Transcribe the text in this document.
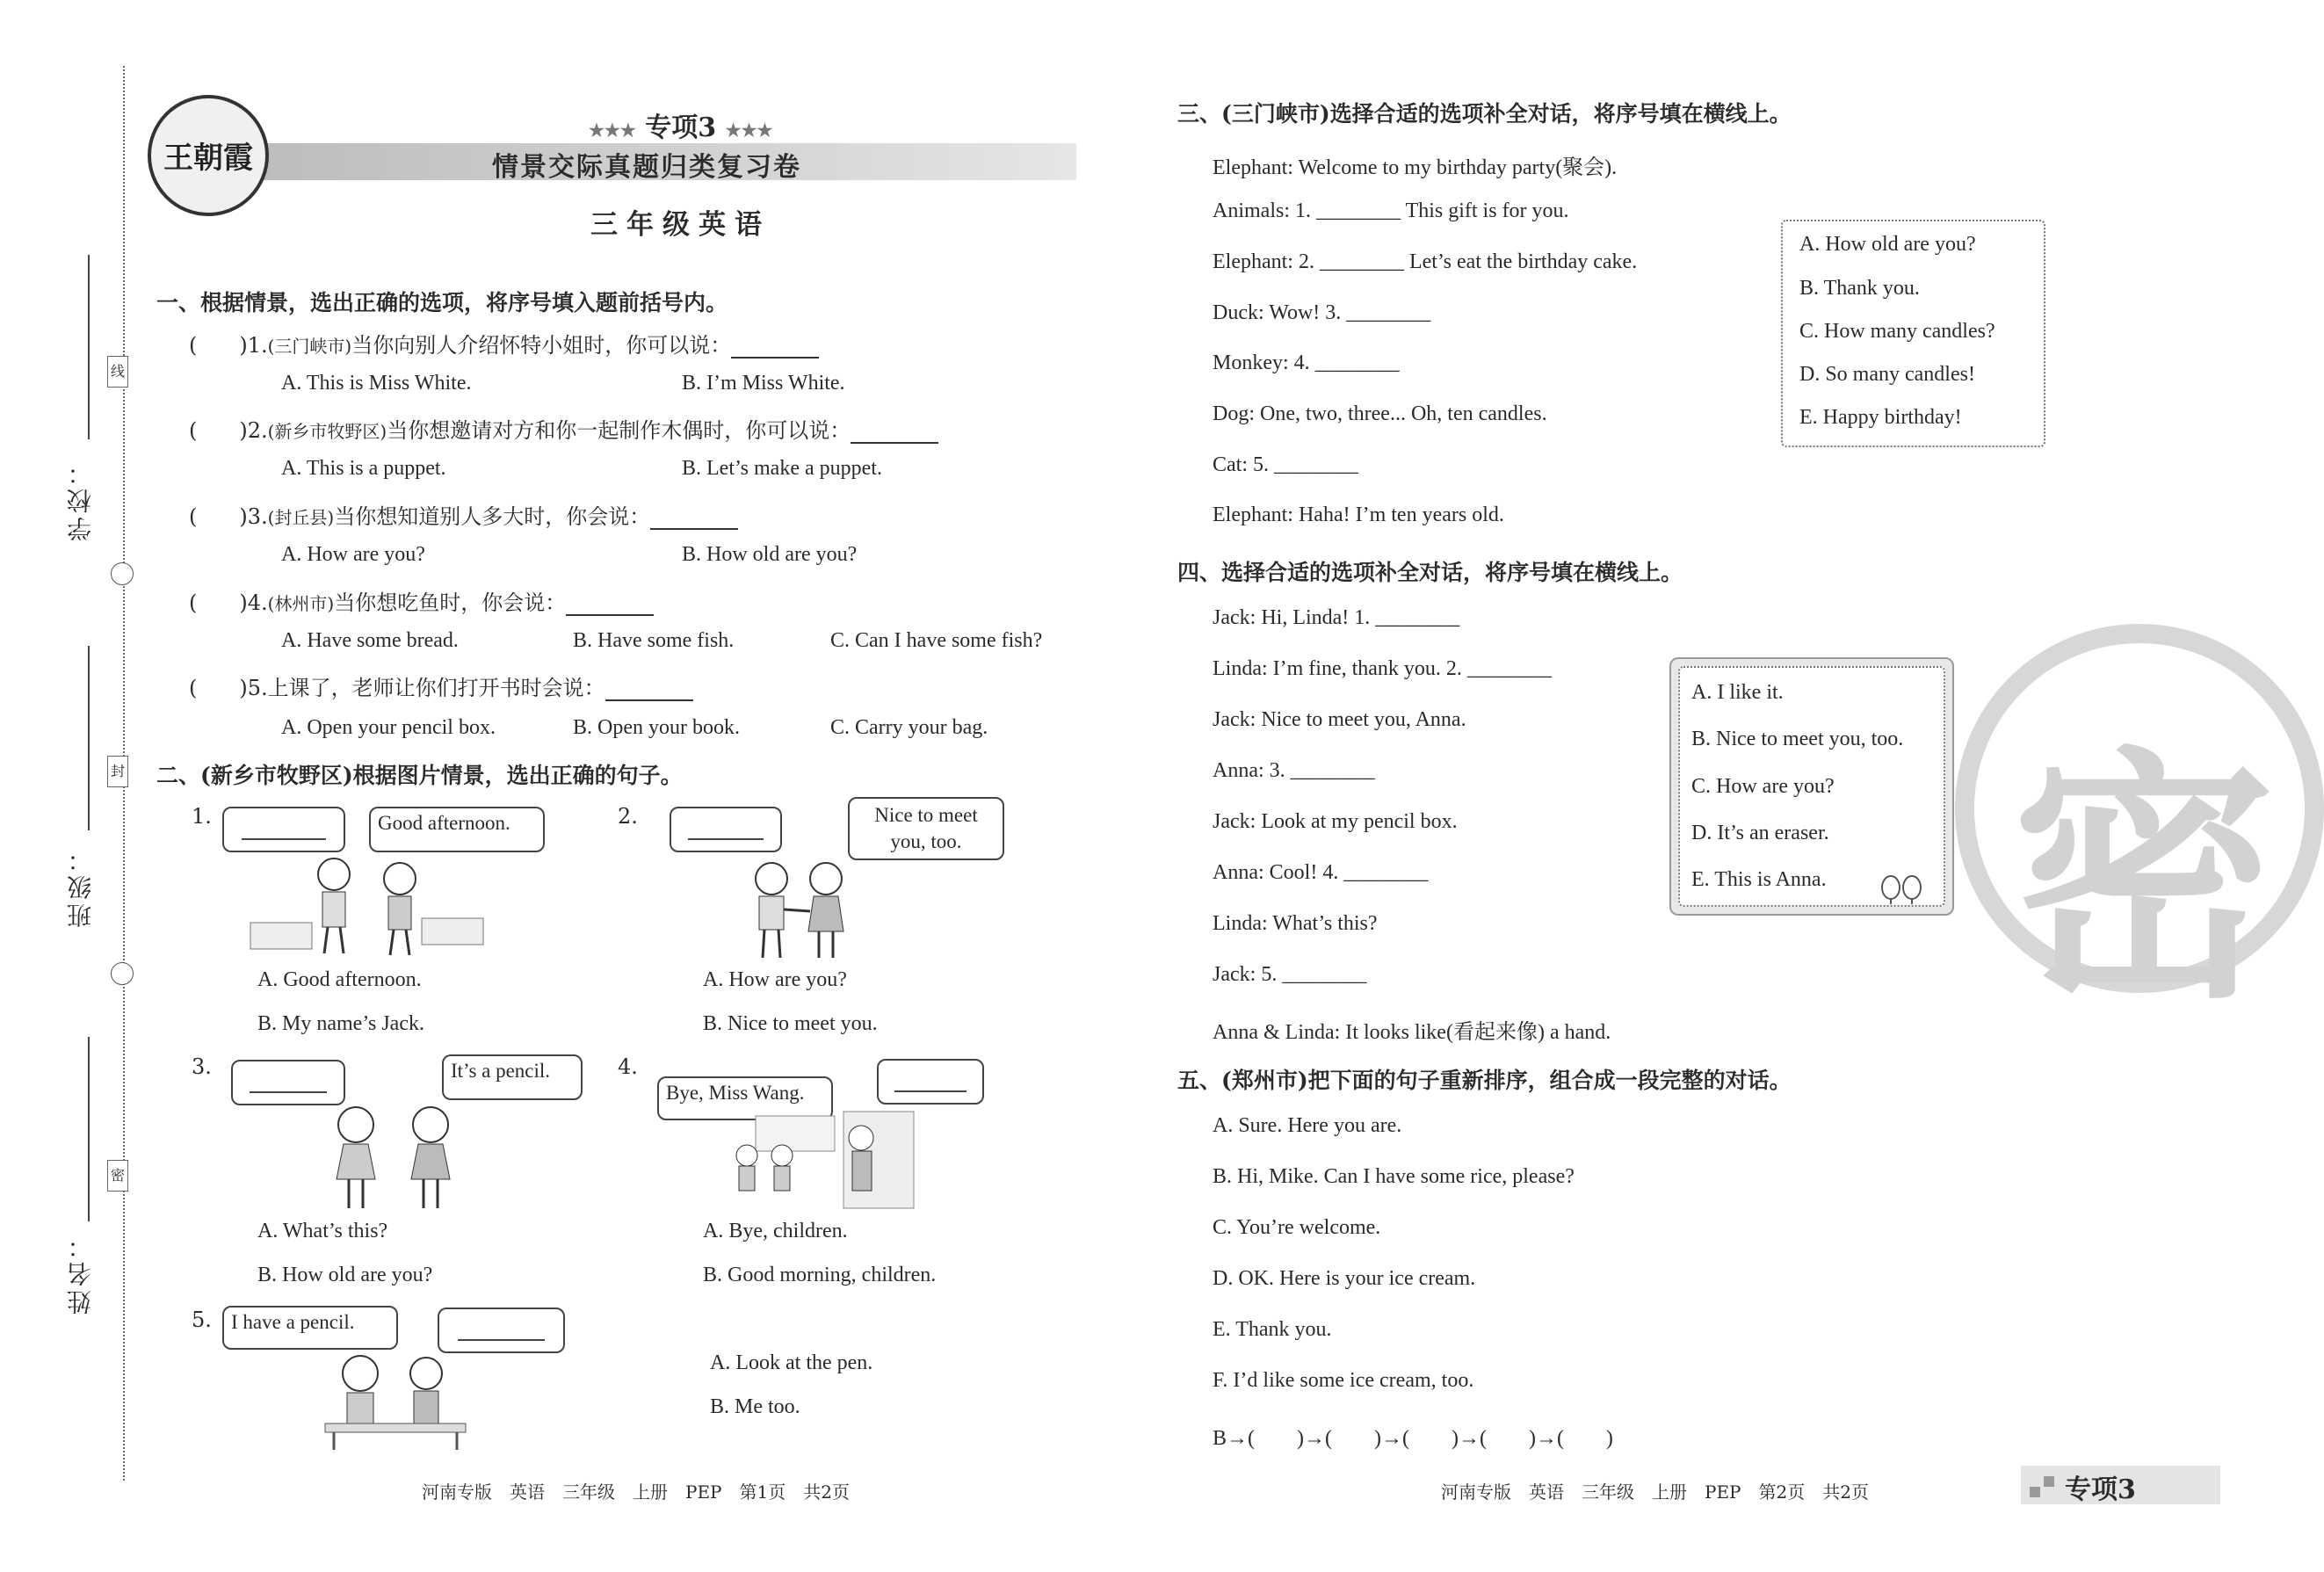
学校：
班级：
姓名：
线
封
密
王朝霞
★★★ 专项3 ★★★
情景交际真题归类复习卷
三年级英语
一、根据情景，选出正确的选项，将序号填入题前括号内。
(　　)1.(三门峡市)当你向别人介绍怀特小姐时，你可以说：
A. This is Miss White.	B. I’m Miss White.
(　　)2.(新乡市牧野区)当你想邀请对方和你一起制作木偶时，你可以说：
A. This is a puppet.	B. Let’s make a puppet.
(　　)3.(封丘县)当你想知道别人多大时，你会说：
A. How are you?	B. How old are you?
(　　)4.(林州市)当你想吃鱼时，你会说：
A. Have some bread.	B. Have some fish.	C. Can I have some fish?
(　　)5.上课了，老师让你们打开书时会说：
A. Open your pencil box.	B. Open your book.	C. Carry your bag.
二、(新乡市牧野区)根据图片情景，选出正确的句子。
1.	Good afternoon.
A. Good afternoon.
B. My name’s Jack.
2.	Nice to meet you, too.
A. How are you?
B. Nice to meet you.
3.	It’s a pencil.
A. What’s this?
B. How old are you?
4.
Bye, Miss Wang.
A. Bye, children.
B. Good morning, children.
5. I have a pencil.
A. Look at the pen.
B. Me too.
三、(三门峡市)选择合适的选项补全对话，将序号填在横线上。
Elephant: Welcome to my birthday party(聚会).
Animals: 1. ________ This gift is for you.
Elephant: 2. ________ Let’s eat the birthday cake.
Duck: Wow! 3. ________
Monkey: 4. ________
Dog: One, two, three... Oh, ten candles.
Cat: 5. ________
Elephant: Haha! I’m ten years old.
A. How old are you?
B. Thank you.
C. How many candles?
D. So many candles!
E. Happy birthday!
密
四、选择合适的选项补全对话，将序号填在横线上。
Jack: Hi, Linda! 1. ________
Linda: I’m fine, thank you. 2. ________
Jack: Nice to meet you, Anna.
Anna: 3. ________
Jack: Look at my pencil box.
Anna: Cool! 4. ________
Linda: What’s this?
Jack: 5. ________
Anna & Linda: It looks like(看起来像) a hand.
A. I like it.
B. Nice to meet you, too.
C. How are you?
D. It’s an eraser.
E. This is Anna.
五、(郑州市)把下面的句子重新排序，组合成一段完整的对话。
A. Sure. Here you are.
B. Hi, Mike. Can I have some rice, please?
C. You’re welcome.
D. OK. Here is your ice cream.
E. Thank you.
F. I’d like some ice cream, too.
B→(　　)→(　　)→(　　)→(　　)→(　　)
河南专版　英语　三年级　上册　PEP　第1页　共2页	河南专版　英语　三年级　上册　PEP　第2页　共2页	专项3
